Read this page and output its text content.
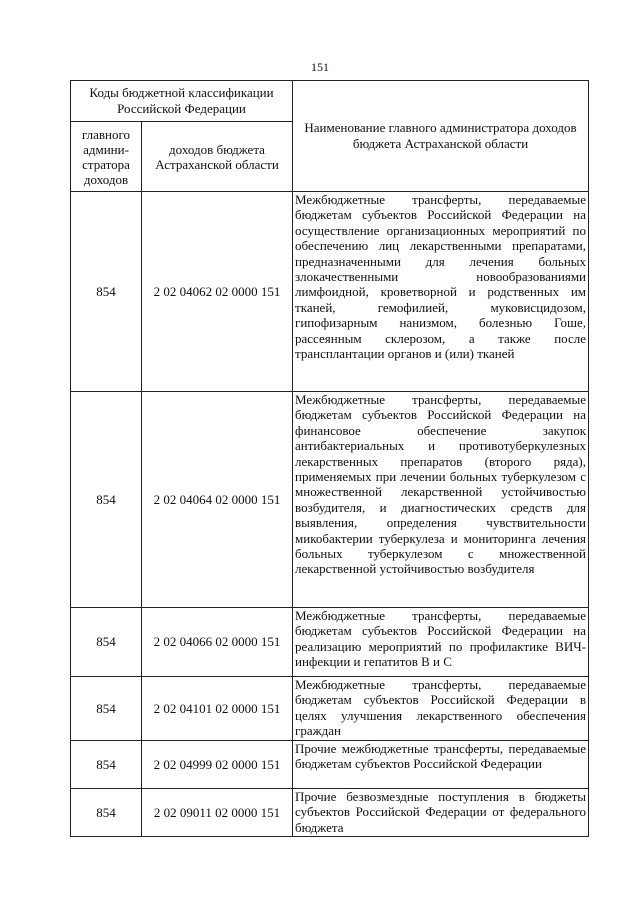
151
Коды бюджетной классификации Российской Федерации		Наименование главного администратора доходов бюджета Астраханской области
главного админи-стратора доходов	доходов бюджета Астраханской области	
854	2 02 04062 02 0000 151	Межбюджетные трансферты, передаваемые бюджетам субъектов Российской Федерации на осуществление организационных мероприятий по обеспечению лиц лекарственными препаратами, предназначенными для лечения больных злокачественными новообразованиями лимфоидной, кроветворной и родственных им тканей, гемофилией, муковисцидозом, гипофизарным нанизмом, болезнью Гоше, рассеянным склерозом, а также после трансплантации органов и (или) тканей
854	2 02 04064 02 0000 151	Межбюджетные трансферты, передаваемые бюджетам субъектов Российской Федерации на финансовое обеспечение закупок антибактериальных и противотуберкулезных лекарственных препаратов (второго ряда), применяемых при лечении больных туберкулезом с множественной лекарственной устойчивостью возбудителя, и диагностических средств для выявления, определения чувствительности микобактерии туберкулеза и мониторинга лечения больных туберкулезом с множественной лекарственной устойчивостью возбудителя
854	2 02 04066 02 0000 151	Межбюджетные трансферты, передаваемые бюджетам субъектов Российской Федерации на реализацию мероприятий по профилактике ВИЧ-инфекции и гепатитов В и С
854	2 02 04101 02 0000 151	Межбюджетные трансферты, передаваемые бюджетам субъектов Российской Федерации в целях улучшения лекарственного обеспечения граждан
854	2 02 04999 02 0000 151	Прочие межбюджетные трансферты, передаваемые бюджетам субъектов Российской Федерации
854	2 02 09011 02 0000 151	Прочие безвозмездные поступления в бюджеты субъектов Российской Федерации от федерального бюджета
